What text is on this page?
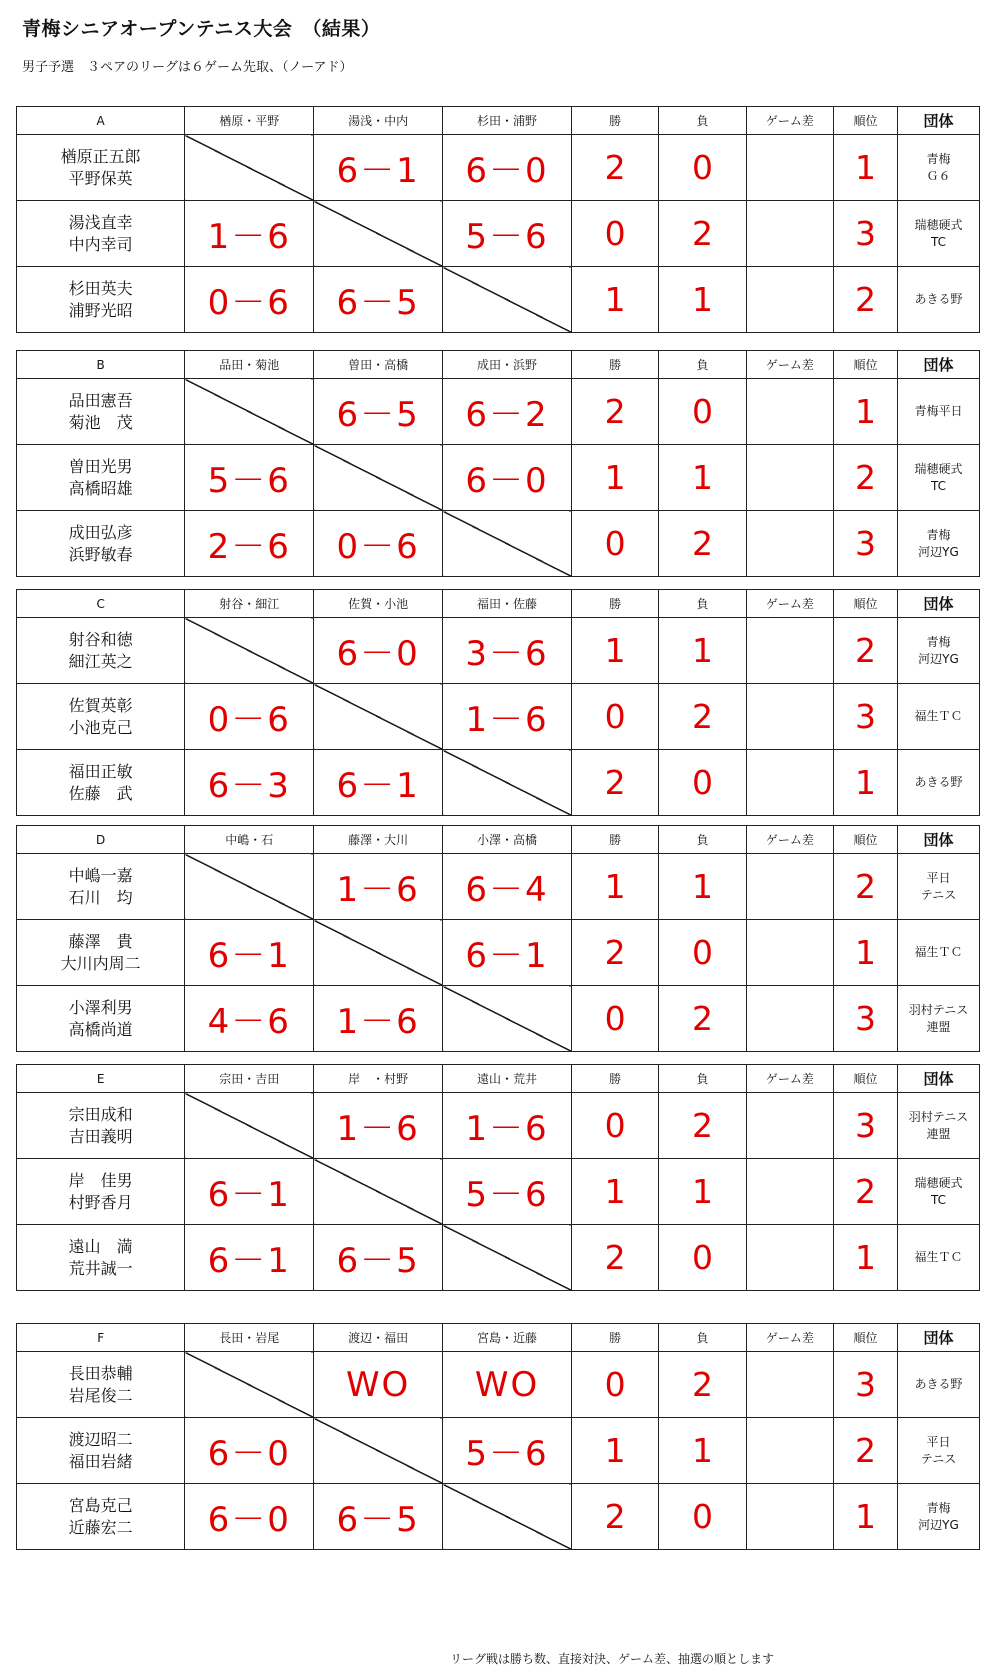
青梅シニアオープンテニス大会　（結果）
男子予選　３ペアのリーグは６ゲーム先取、（ノーアド）
A	楢原・平野	湯浅・中内	杉田・浦野	勝	負	ゲーム差	順位	団体
楢原正五郎
平野保英		6－1	6－0	2	0		1	青梅
Ｇ６
湯浅直幸
中内幸司	1－6		5－6	0	2		3	瑞穂硬式
TC
杉田英夫
浦野光昭	0－6	6－5		1	1		2	あきる野
B	品田・菊池	曽田・高橋	成田・浜野	勝	負	ゲーム差	順位	団体
品田憲吾
菊池　茂		6－5	6－2	2	0		1	青梅平日
曽田光男
高橋昭雄	5－6		6－0	1	1		2	瑞穂硬式
TC
成田弘彦
浜野敏春	2－6	0－6		0	2		3	青梅
河辺YG
C	射谷・細江	佐賀・小池	福田・佐藤	勝	負	ゲーム差	順位	団体
射谷和徳
細江英之		6－0	3－6	1	1		2	青梅
河辺YG
佐賀英彰
小池克己	0－6		1－6	0	2		3	福生ＴＣ
福田正敏
佐藤　武	6－3	6－1		2	0		1	あきる野
D	中嶋・石	藤澤・大川	小澤・高橋	勝	負	ゲーム差	順位	団体
中嶋一嘉
石川　均		1－6	6－4	1	1		2	平日
テニス
藤澤　貴
大川内周二	6－1		6－1	2	0		1	福生ＴＣ
小澤利男
高橋尚道	4－6	1－6		0	2		3	羽村テニス
連盟
E	宗田・吉田	岸　・村野	遠山・荒井	勝	負	ゲーム差	順位	団体
宗田成和
吉田義明		1－6	1－6	0	2		3	羽村テニス
連盟
岸　佳男
村野香月	6－1		5－6	1	1		2	瑞穂硬式
TC
遠山　満
荒井誠一	6－1	6－5		2	0		1	福生ＴＣ
F	長田・岩尾	渡辺・福田	宮島・近藤	勝	負	ゲーム差	順位	団体
長田恭輔
岩尾俊二		WO	WO	0	2		3	あきる野
渡辺昭二
福田岩緒	6－0		5－6	1	1		2	平日
テニス
宮島克己
近藤宏二	6－0	6－5		2	0		1	青梅
河辺YG
リーグ戦は勝ち数、直接対決、ゲーム差、抽選の順とします
